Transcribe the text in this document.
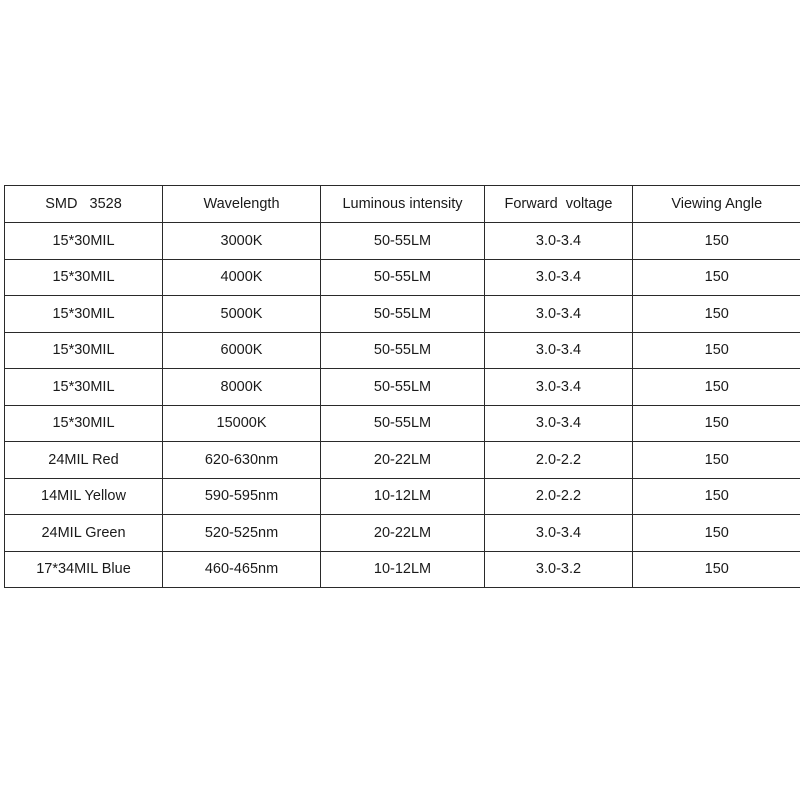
SMD   3528	Wavelength	Luminous intensity	Forward  voltage	Viewing Angle
15*30MIL	3000K	50-55LM	3.0-3.4	150
15*30MIL	4000K	50-55LM	3.0-3.4	150
15*30MIL	5000K	50-55LM	3.0-3.4	150
15*30MIL	6000K	50-55LM	3.0-3.4	150
15*30MIL	8000K	50-55LM	3.0-3.4	150
15*30MIL	15000K	50-55LM	3.0-3.4	150
24MIL Red	620-630nm	20-22LM	2.0-2.2	150
14MIL Yellow	590-595nm	10-12LM	2.0-2.2	150
24MIL Green	520-525nm	20-22LM	3.0-3.4	150
17*34MIL Blue	460-465nm	10-12LM	3.0-3.2	150
